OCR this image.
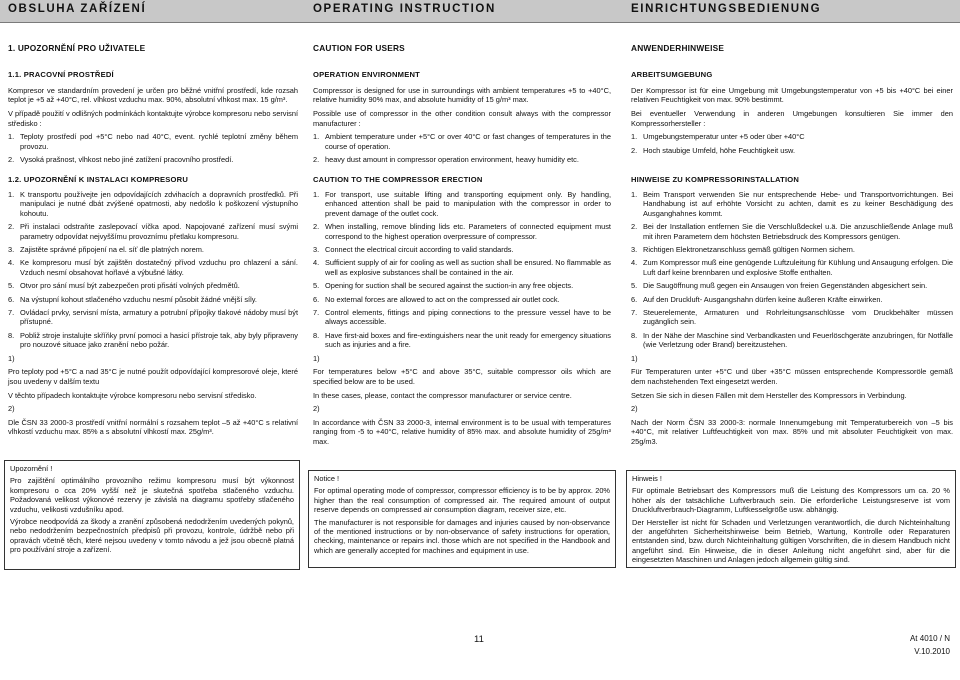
OBSLUHA ZAŘÍZENÍ	OPERATING INSTRUCTION	EINRICHTUNGSBEDIENUNG
1. UPOZORNĚNÍ PRO UŽIVATELE	CAUTION FOR USERS	ANWENDERHINWEISE
1.1. PRACOVNÍ PROSTŘEDÍ	OPERATION ENVIRONMENT	ARBEITSUMGEBUNG

Kompresor ve standardním provedení je určen pro běžné vnitřní prostředí, kde rozsah teplot je +5 až +40°C, rel. vlhkost vzduchu max. 90%, absolutní vlhkost max. 15 g/m³.

V případě použití v odlišných podmínkách kontaktujte výrobce kompresoru nebo servisní středisko :

1. Teploty prostředí pod +5°C nebo nad 40°C, event. rychlé teplotní změny během provozu.
2. Vysoká prašnost, vlhkost nebo jiné zatížení pracovního prostředí.

Compressor is designed for use in surroundings with ambient temperatures +5 to +40°C, relative humidity 90% max, and absolute humidity of 15 g/m³ max.

Possible use of compressor in the other condition consult always with the compressor manufacturer :

1. Ambient temperature under +5°C or over 40°C or fast changes of temperatures in the course of operation.
2. heavy dust amount in compressor operation environment, heavy humidity etc.

Der Kompressor ist für eine Umgebung mit Umgebungstemperatur von +5 bis +40°C bei einer relativen Feuchtigkeit von max. 90% bestimmt.

Bei eventueller Verwendung in anderen Umgebungen konsultieren Sie immer den Kompressorhersteller :

1. Umgebungstemperatur unter +5 oder über +40°C
2. Hoch staubige Umfeld, höhe Feuchtigkeit usw.
1.2. UPOZORNĚNÍ K INSTALACI KOMPRESORU	CAUTION TO THE COMPRESSOR ERECTION	HINWEISE ZU KOMPRESSORINSTALLATION
1. K transportu používejte jen odpovídajících zdvihacích a dopravních prostředků. Při manipulaci je nutné dbát zvýšené opatrnosti, aby nedošlo k poškození výstupního kohoutu.
2. Při instalaci odstraňte zaslepovací víčka apod. Napojované zařízení musí svými parametry odpovídat nejvyššímu provoznímu přetlaku kompresoru.
3. Zajistěte správné připojení na el. síť dle platných norem.
4. Ke kompresoru musí být zajištěn dostatečný přívod vzduchu pro chlazení a sání. Vzduch nesmí obsahovat hořlavé a výbušné látky.
5. Otvor pro sání musí být zabezpečen proti přisátí volných předmětů.
6. Na výstupní kohout stlačeného vzduchu nesmí působit žádné vnější síly.
7. Ovládací prvky, servisní místa, armatury a potrubní přípojky tlakové nádoby musí být přístupné.
8. Pobliž stroje instalujte skříňky první pomoci a hasicí přístroje tak, aby byly připraveny pro nouzové situace jako zranění nebo požár.

1)

Pro teploty pod +5°C a nad 35°C je nutné použít odpovídající kompresorové oleje, které jsou uvedeny v dalším textu

V těchto případech kontaktujte výrobce kompresoru nebo servisní středisko.

2)

Dle ČSN 33 2000-3 prostředí vnitřní normální s rozsahem teplot –5 až +40°C s relativní vlhkostí vzduchu max. 85% a s absolutní vlhkostí max. 25g/m³.

1. For transport, use suitable lifting and transporting equipment only. By handling, enhanced attention shall be paid to manipulation with the compressor in order to prevent damage of the outlet cock.
2. When installing, remove blinding lids etc. Parameters of connected equipment must correspond to the highest operation overpressure of compressor.
3. Connect the electrical circuit according to valid standards.
4. Sufficient supply of air for cooling as well as suction shall be ensured. No flammable as well as explosive substances shall be contained in the air.
5. Opening for suction shall be secured against the suction-in any free objects.
6. No external forces are allowed to act on the compressed air outlet cock.
7. Control elements, fittings and piping connections to the pressure vessel have to be always accessible.
8. Have first-aid boxes and fire-extinguishers near the unit ready for emergency situations such as injuries and a fire.

1)

For temperatures below +5°C and above 35°C, suitable compressor oils which are specified below are to be used.

In these cases, please, contact the compressor manufacturer or service centre.

2)

In accordance with ČSN 33 2000-3, internal environment is to be usual with temperatures ranging from -5 to +40°C, relative humidity of 85% max. and absolute humidity of 25g/m³ max.

1. Beim Transport verwenden Sie nur entsprechende Hebe- und Transportvorrichtungen. Bei Handhabung ist auf erhöhte Vorsicht zu achten, damit es zu keiner Beschädigung des Ausganghahnes kommt.
2. Bei der Installation entfernen Sie die Verschlußdeckel u.ä. Die anzuschließende Anlage muß mit ihren Parametern dem höchsten Betriebsdruck des Kompressors genügen.
3. Richtigen Elektronetzanschluss gemäß gültigen Normen sichern.
4. Zum Kompressor muß eine genügende Luftzuleitung für Kühlung und Ansaugung erfolgen. Die Luft darf keine brennbaren und explosive Stoffe enthalten.
5. Die Saugöffnung muß gegen ein Ansaugen von freien Gegenständen abgesichert sein.
6. Auf den Druckluft- Ausgangshahn dürfen keine äußeren Kräfte einwirken.
7. Steuerelemente, Armaturen und Rohrleitungsanschlüsse vom Druckbehälter müssen zugänglich sein.
8. In der Nähe der Maschine sind Verbandkasten und Feuerlöschgeräte anzubringen, für Notfälle (wie Verletzung oder Brand) bereitzustehen.

1)

Für Temperaturen unter +5°C und über +35°C müssen entsprechende Kompressoröle gemäß dem nachstehenden Text eingesetzt werden.

Setzen Sie sich in diesen Fällen mit dem Hersteller des Kompressors in Verbindung.

2)

Nach der Norm ČSN 33 2000-3: normale Innenumgebung mit Temperaturbereich von –5 bis +40°C, mit relativer Luftfeuchtigkeit von max. 85% und mit absoluter Feuchtigkeit von max. 25g/m3.

Upozornění !

Pro zajištění optimálního provozního režimu kompresoru musí být výkonnost kompresoru o cca 20% vyšší než je skutečná spotřeba stlačeného vzduchu. Požadovaná velikost výkonové rezervy je závislá na diagramu spotřeby stlačeného vzduchu, velikosti vzdušníku apod.

Výrobce neodpovídá za škody a zranění způsobená nedodržením uvedených pokynů, nebo nedodržením bezpečnostních předpisů při provozu, kontrole, údržbě nebo při opravách včetně těch, které nejsou uvedeny v tomto návodu a jež jsou obecně platná pro používání stroje a zařízení.

Notice !

For optimal operating mode of compressor, compressor efficiency is to be by approx. 20% higher than the real consumption of compressed air. The required amount of output reserve depends on compressed air consumption diagram, receiver size, etc.

The manufacturer is not responsible for damages and injuries caused by non-observance of the mentioned instructions or by non-observance of safety instructions for operation, checking, maintenance or repairs incl. those which are not specified in the Handbook and which are generally accepted for machines and equipment in use.

Hinweis !

Für optimale Betriebsart des Kompressors muß die Leistung des Kompressors um ca. 20 % höher als der tatsächliche Luftverbrauch sein. Die erforderliche Leistungsreserve ist vom Druckluftverbrauch-Diagramm, Luftkesselgröße usw. abhängig.

Der Hersteller ist nicht für Schaden und Verletzungen verantwortlich, die durch Nichteinhaltung der angeführten Sicherheitshinweise beim Betrieb, Wartung, Kontrolle oder Reparaturen entstanden sind, bzw. durch Nichteinhaltung gültigen Vorschriften, die in diesem Handbuch nicht angeführt sind. Ein Hinweise, die in dieser Anleitung nicht angeführt sind, aber für die eingesetzten Maschinen und Anlagen jedoch allgemein gültig sind.

11	At 4010 / N
V.10.2010
